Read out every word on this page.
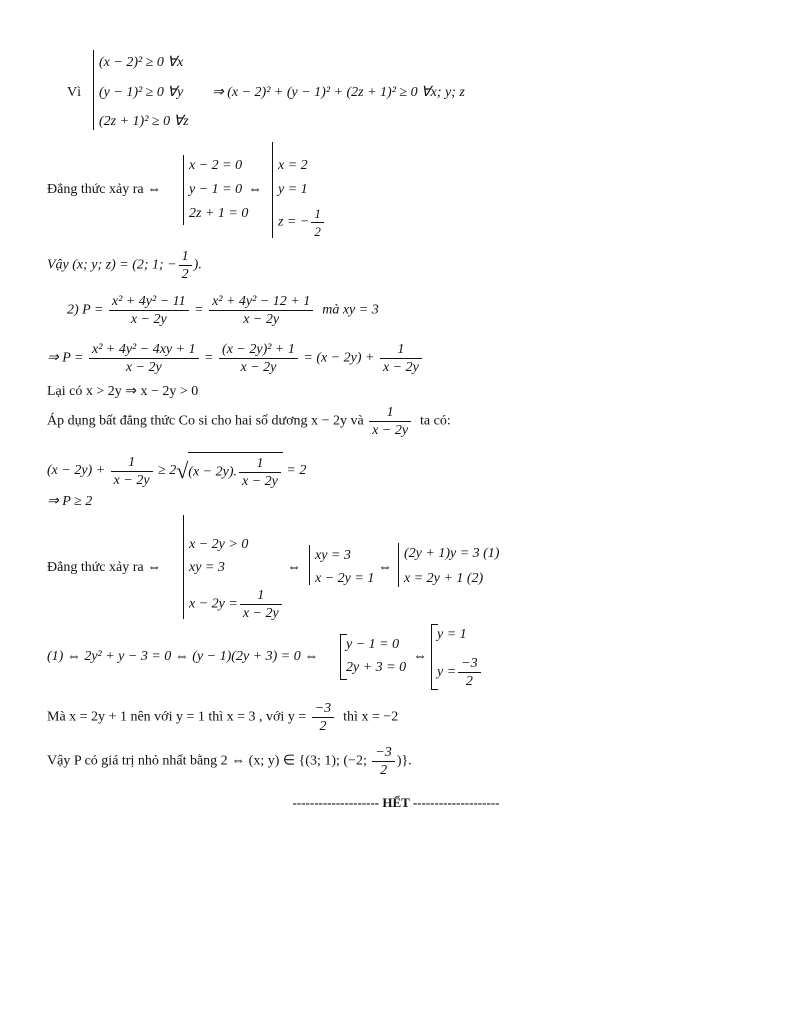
Vì
(x − 2)² ≥ 0 ∀x
(y − 1)² ≥ 0 ∀y
(2z + 1)² ≥ 0 ∀z
⇒ (x − 2)² + (y − 1)² + (2z + 1)² ≥ 0 ∀x; y; z
Đẳng thức xảy ra ⇔
x − 2 = 0
y − 1 = 0
2z + 1 = 0
⇔
x = 2
y = 1
z = − $\frac{1}{2}$
Vậy (x; y; z) = (2; 1; − $\frac{1}{2}$ ).
2) $P = \frac{\text{x² + 4y² − 11}}{x - 2y} = \frac{\text{x² + 4y² − 12 + 1}}{x - 2y}$ mà xy = 3
⇒ $P = \frac{\text{x² + 4y² − 4xy + 1}}{x - 2y} = \frac{\text{(x − 2y)² + 1}}{x - 2y} = (x - 2y) + \frac{1}{x - 2y}$
Lại có x > 2y ⇒ x − 2y > 0
Áp dụng bất đẳng thức Co si cho hai số dương x − 2y và $\frac{1}{x - 2y}$ ta có:
$(x - 2y) + \frac{1}{x - 2y} \ge 2√(x - 2y)$. $\frac{1}{x - 2y} = 2$
⇒ P ≥ 2
Đẳng thức xảy ra ⇔
x − 2y > 0
xy = 3
$x - 2y = \frac{1}{x - 2y}$
⇔
xy = 3
x − 2y = 1
⇔
(2y + 1)y = 3 (1)
x = 2y + 1 (2)
(1) ⇔ 2y² + y − 3 = 0 ⇔ (y − 1)(2y + 3) = 0 ⇔
y − 1 = 0
2y + 3 = 0
⇔
y = 1
$y = \frac{-3}{2}$
Mà x = 2y + 1 nên với y = 1 thì x = 3 , với $y = \frac{-3}{2}$ thì x = −2
Vậy P có giá trị nhỏ nhất bằng 2 ⇔ (x; y) ∈ {(3; 1); (−2; $\frac{-3}{2}$ )}.
-------------------- HẾT --------------------
